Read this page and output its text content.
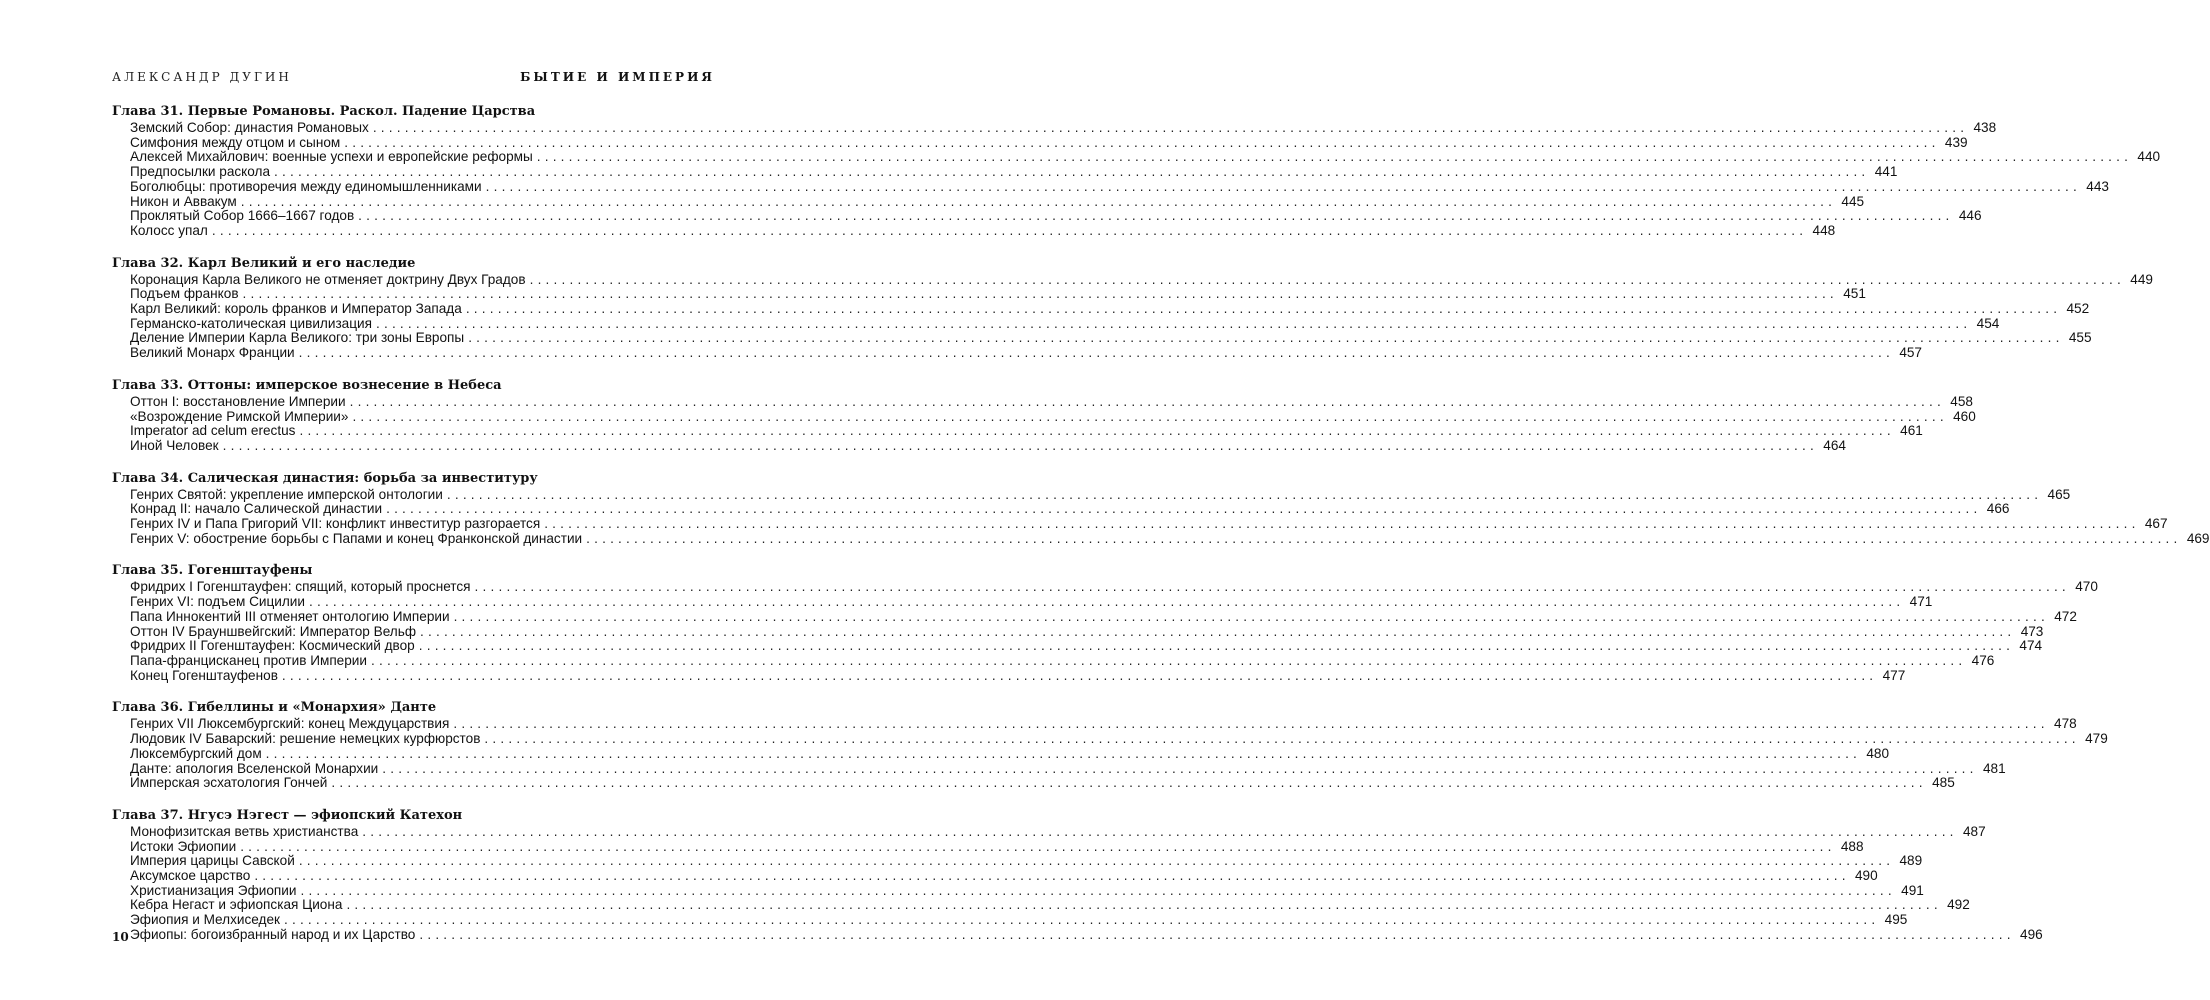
АЛЕКСАНДР ДУГИН	БЫТИЕ И ИМПЕРИЯ
Глава 31. Первые Романовы. Раскол. Падение Царства
Земский Собор: династия Романовых ........................................................................................................................................................................................................ 438
Симфония между отцом и сыном ........................................................................................................................................................................................................ 439
Алексей Михайлович: военные успехи и европейские реформы ........................................................................................................................................................................................................ 440
Предпосылки раскола ........................................................................................................................................................................................................ 441
Боголюбцы: противоречия между единомышленниками ........................................................................................................................................................................................................ 443
Никон и Аввакум ........................................................................................................................................................................................................ 445
Проклятый Собор 1666–1667 годов ........................................................................................................................................................................................................ 446
Колосс упал ........................................................................................................................................................................................................ 448
Глава 32. Карл Великий и его наследие
Коронация Карла Великого не отменяет доктрину Двух Градов ........................................................................................................................................................................................................ 449
Подъем франков ........................................................................................................................................................................................................ 451
Карл Великий: король франков и Император Запада ........................................................................................................................................................................................................ 452
Германско-католическая цивилизация ........................................................................................................................................................................................................ 454
Деление Империи Карла Великого: три зоны Европы ........................................................................................................................................................................................................ 455
Великий Монарх Франции ........................................................................................................................................................................................................ 457
Глава 33. Оттоны: имперское вознесение в Небеса
Оттон I: восстановление Империи ........................................................................................................................................................................................................ 458
«Возрождение Римской Империи» ........................................................................................................................................................................................................ 460
Imperator ad celum erectus ........................................................................................................................................................................................................ 461
Иной Человек ........................................................................................................................................................................................................ 464
Глава 34. Салическая династия: борьба за инвеституру
Генрих Святой: укрепление имперской онтологии ........................................................................................................................................................................................................ 465
Конрад II: начало Салической династии ........................................................................................................................................................................................................ 466
Генрих IV и Папа Григорий VII: конфликт инвеститур разгорается ........................................................................................................................................................................................................ 467
Генрих V: обострение борьбы с Папами и конец Франконской династии ........................................................................................................................................................................................................ 469
Глава 35. Гогенштауфены
Фридрих I Гогенштауфен: спящий, который проснется ........................................................................................................................................................................................................ 470
Генрих VI: подъем Сицилии ........................................................................................................................................................................................................ 471
Папа Иннокентий III отменяет онтологию Империи ........................................................................................................................................................................................................ 472
Оттон IV Брауншвейгский: Император Вельф ........................................................................................................................................................................................................ 473
Фридрих II Гогенштауфен: Космический двор ........................................................................................................................................................................................................ 474
Папа-францисканец против Империи ........................................................................................................................................................................................................ 476
Конец Гогенштауфенов ........................................................................................................................................................................................................ 477
Глава 36. Гибеллины и «Монархия» Данте
Генрих VII Люксембургский: конец Междуцарствия ........................................................................................................................................................................................................ 478
Людовик IV Баварский: решение немецких курфюрстов ........................................................................................................................................................................................................ 479
Люксембургский дом ........................................................................................................................................................................................................ 480
Данте: апология Вселенской Монархии ........................................................................................................................................................................................................ 481
Имперская эсхатология Гончей ........................................................................................................................................................................................................ 485
Глава 37. Нгусэ Нэгест — эфиопский Катехон
Монофизитская ветвь христианства ........................................................................................................................................................................................................ 487
Истоки Эфиопии ........................................................................................................................................................................................................ 488
Империя царицы Савской ........................................................................................................................................................................................................ 489
Аксумское царство ........................................................................................................................................................................................................ 490
Христианизация Эфиопии ........................................................................................................................................................................................................ 491
Кебра Негаст и эфиопская Циона ........................................................................................................................................................................................................ 492
Эфиопия и Мелхиседек ........................................................................................................................................................................................................ 495
Эфиопы: богоизбранный народ и их Царство ........................................................................................................................................................................................................ 496
10
